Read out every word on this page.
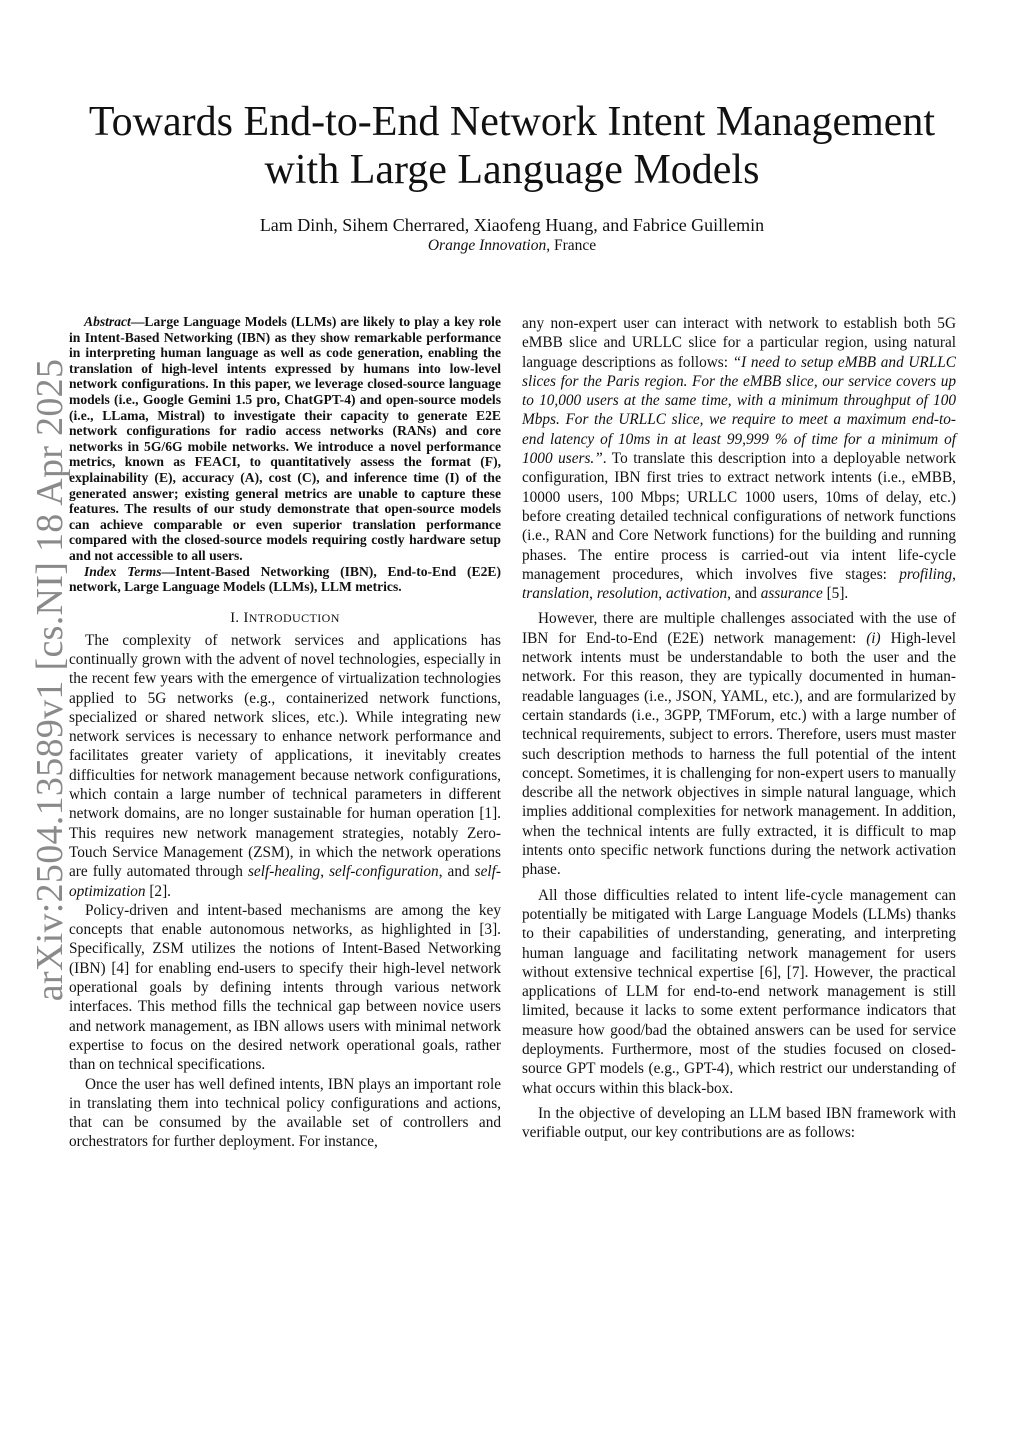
Towards End-to-End Network Intent Management
with Large Language Models
Lam Dinh, Sihem Cherrared, Xiaofeng Huang, and Fabrice Guillemin
Orange Innovation, France
arXiv:2504.13589v1 [cs.NI] 18 Apr 2025

Abstract—Large Language Models (LLMs) are likely to play a key role in Intent-Based Networking (IBN) as they show remarkable performance in interpreting human language as well as code generation, enabling the translation of high-level intents expressed by humans into low-level network configurations. In this paper, we leverage closed-source language models (i.e., Google Gemini 1.5 pro, ChatGPT-4) and open-source models (i.e., LLama, Mistral) to investigate their capacity to generate E2E network configurations for radio access networks (RANs) and core networks in 5G/6G mobile networks. We introduce a novel performance metrics, known as FEACI, to quantitatively assess the format (F), explainability (E), accuracy (A), cost (C), and inference time (I) of the generated answer; existing general metrics are unable to capture these features. The results of our study demonstrate that open-source models can achieve comparable or even superior translation performance compared with the closed-source models requiring costly hardware setup and not accessible to all users.

Index Terms—Intent-Based Networking (IBN), End-to-End (E2E) network, Large Language Models (LLMs), LLM metrics.

I. INTRODUCTION

The complexity of network services and applications has continually grown with the advent of novel technologies, especially in the recent few years with the emergence of virtualization technologies applied to 5G networks (e.g., containerized network functions, specialized or shared network slices, etc.). While integrating new network services is necessary to enhance network performance and facilitates greater variety of applications, it inevitably creates difficulties for network management because network configurations, which contain a large number of technical parameters in different network domains, are no longer sustainable for human operation [1]. This requires new network management strategies, notably Zero-Touch Service Management (ZSM), in which the network operations are fully automated through self-healing, self-configuration, and self-optimization [2].

Policy-driven and intent-based mechanisms are among the key concepts that enable autonomous networks, as highlighted in [3]. Specifically, ZSM utilizes the notions of Intent-Based Networking (IBN) [4] for enabling end-users to specify their high-level network operational goals by defining intents through various network interfaces. This method fills the technical gap between novice users and network management, as IBN allows users with minimal network expertise to focus on the desired network operational goals, rather than on technical specifications.

Once the user has well defined intents, IBN plays an important role in translating them into technical policy configurations and actions, that can be consumed by the available set of controllers and orchestrators for further deployment. For instance,

any non-expert user can interact with network to establish both 5G eMBB slice and URLLC slice for a particular region, using natural language descriptions as follows: “I need to setup eMBB and URLLC slices for the Paris region. For the eMBB slice, our service covers up to 10,000 users at the same time, with a minimum throughput of 100 Mbps. For the URLLC slice, we require to meet a maximum end-to-end latency of 10ms in at least 99,999 % of time for a minimum of 1000 users.”. To translate this description into a deployable network configuration, IBN first tries to extract network intents (i.e., eMBB, 10000 users, 100 Mbps; URLLC 1000 users, 10ms of delay, etc.) before creating detailed technical configurations of network functions (i.e., RAN and Core Network functions) for the building and running phases. The entire process is carried-out via intent life-cycle management procedures, which involves five stages: profiling, translation, resolution, activation, and assurance [5].

However, there are multiple challenges associated with the use of IBN for End-to-End (E2E) network management: (i) High-level network intents must be understandable to both the user and the network. For this reason, they are typically documented in human-readable languages (i.e., JSON, YAML, etc.), and are formularized by certain standards (i.e., 3GPP, TMForum, etc.) with a large number of technical requirements, subject to errors. Therefore, users must master such description methods to harness the full potential of the intent concept. Sometimes, it is challenging for non-expert users to manually describe all the network objectives in simple natural language, which implies additional complexities for network management. In addition, when the technical intents are fully extracted, it is difficult to map intents onto specific network functions during the network activation phase.

All those difficulties related to intent life-cycle management can potentially be mitigated with Large Language Models (LLMs) thanks to their capabilities of understanding, generating, and interpreting human language and facilitating network management for users without extensive technical expertise [6], [7]. However, the practical applications of LLM for end-to-end network management is still limited, because it lacks to some extent performance indicators that measure how good/bad the obtained answers can be used for service deployments. Furthermore, most of the studies focused on closed-source GPT models (e.g., GPT-4), which restrict our understanding of what occurs within this black-box.

In the objective of developing an LLM based IBN framework with verifiable output, our key contributions are as follows:
